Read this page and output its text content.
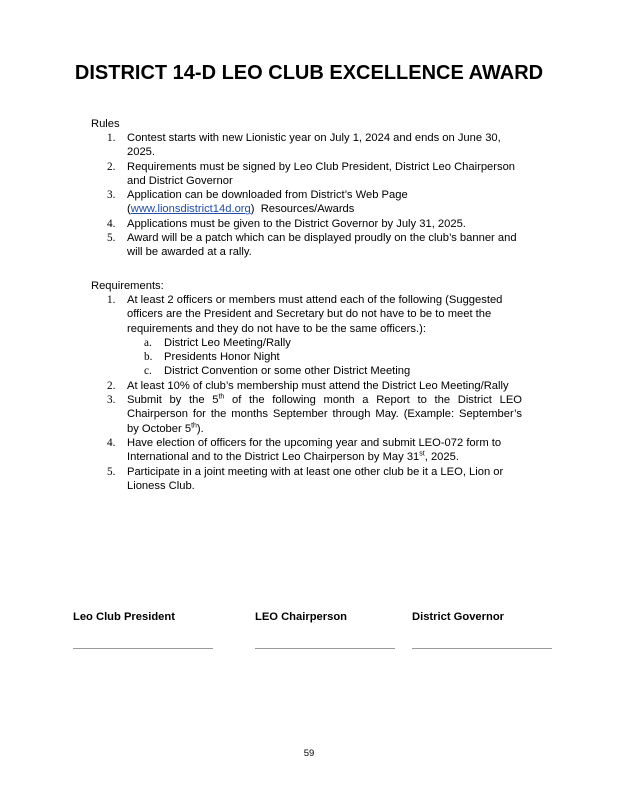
DISTRICT 14-D LEO CLUB EXCELLENCE AWARD
Rules
1.	Contest starts with new Lionistic year on July 1, 2024 and ends on June 30, 2025.
2.	Requirements must be signed by Leo Club President, District Leo Chairperson and District Governor
3.	Application can be downloaded from District’s Web Page
(www.lionsdistrict14d.org)  Resources/Awards
4.	Applications must be given to the District Governor by July 31, 2025.
5.	Award will be a patch which can be displayed proudly on the club’s banner and will be awarded at a rally.
Requirements:
1.	At least 2 officers or members must attend each of the following (Suggested officers are the President and Secretary but do not have to be to meet the requirements and they do not have to be the same officers.):
a.	District Leo Meeting/Rally
b.	Presidents Honor Night
c.	District Convention or some other District Meeting
2.	At least 10% of club’s membership must attend the District Leo Meeting/Rally
3.	Submit by the 5th of the following month a Report to the District LEO Chairperson for the months September through May. (Example: September’s by October 5th).
4.	Have election of officers for the upcoming year and submit LEO-072 form to International and to the District Leo Chairperson by May 31st, 2025.
5.	Participate in a joint meeting with at least one other club be it a LEO, Lion or Lioness Club.
Leo Club President	LEO Chairperson	District Governor
59
